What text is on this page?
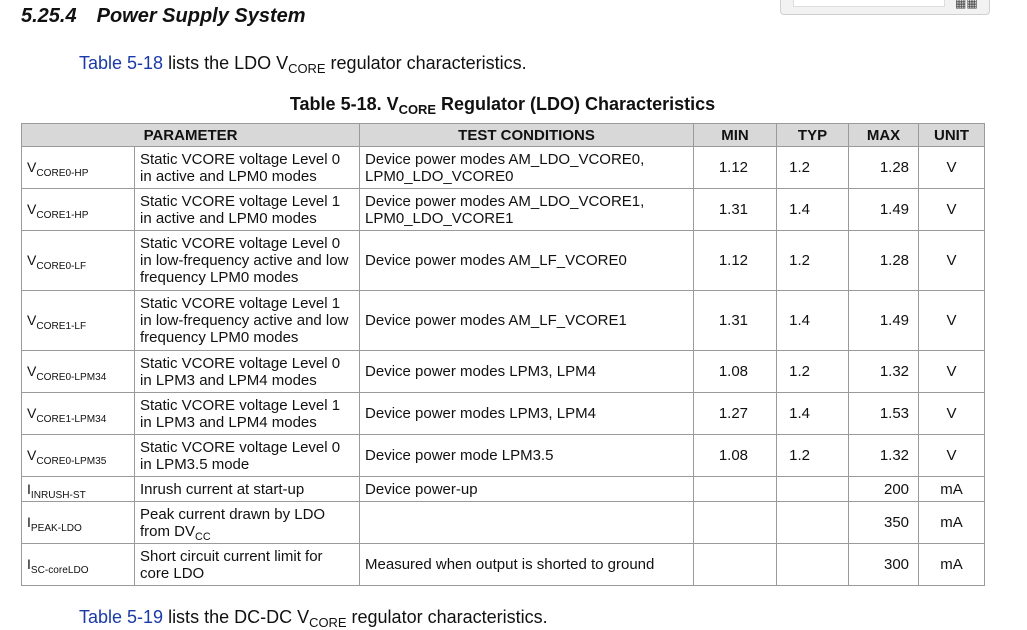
▦▦
5.25.4 Power Supply System

Table 5-18 lists the LDO $V_{CORE}$ regulator characteristics.

Table 5-18. $V_{CORE}$ Regulator (LDO) Characteristics

PARAMETER		TEST CONDITIONS	MIN	TYP	MAX	UNIT
$V_{CORE0-HP}$	Static VCORE voltage Level 0 in active and LPM0 modes	Device power modes AM_LDO_VCORE0, LPM0_LDO_VCORE0	1.12	1.2	1.28	V
$V_{CORE1-HP}$	Static VCORE voltage Level 1 in active and LPM0 modes	Device power modes AM_LDO_VCORE1, LPM0_LDO_VCORE1	1.31	1.4	1.49	V
$V_{CORE0-LF}$	Static VCORE voltage Level 0 in low-frequency active and low frequency LPM0 modes	Device power modes AM_LF_VCORE0	1.12	1.2	1.28	V
$V_{CORE1-LF}$	Static VCORE voltage Level 1 in low-frequency active and low frequency LPM0 modes	Device power modes AM_LF_VCORE1	1.31	1.4	1.49	V
$V_{CORE0-LPM34}$	Static VCORE voltage Level 0 in LPM3 and LPM4 modes	Device power modes LPM3, LPM4	1.08	1.2	1.32	V
$V_{CORE1-LPM34}$	Static VCORE voltage Level 1 in LPM3 and LPM4 modes	Device power modes LPM3, LPM4	1.27	1.4	1.53	V
$V_{CORE0-LPM35}$	Static VCORE voltage Level 0 in LPM3.5 mode	Device power mode LPM3.5	1.08	1.2	1.32	V
$I_{INRUSH-ST}$	Inrush current at start-up	Device power-up			200	mA
$I_{PEAK-LDO}$	Peak current drawn by LDO from $DV_{CC}$				350	mA
$I_{SC-coreLDO}$	Short circuit current limit for core LDO	Measured when output is shorted to ground			300	mA

Table 5-19 lists the DC-DC $V_{CORE}$ regulator characteristics.
